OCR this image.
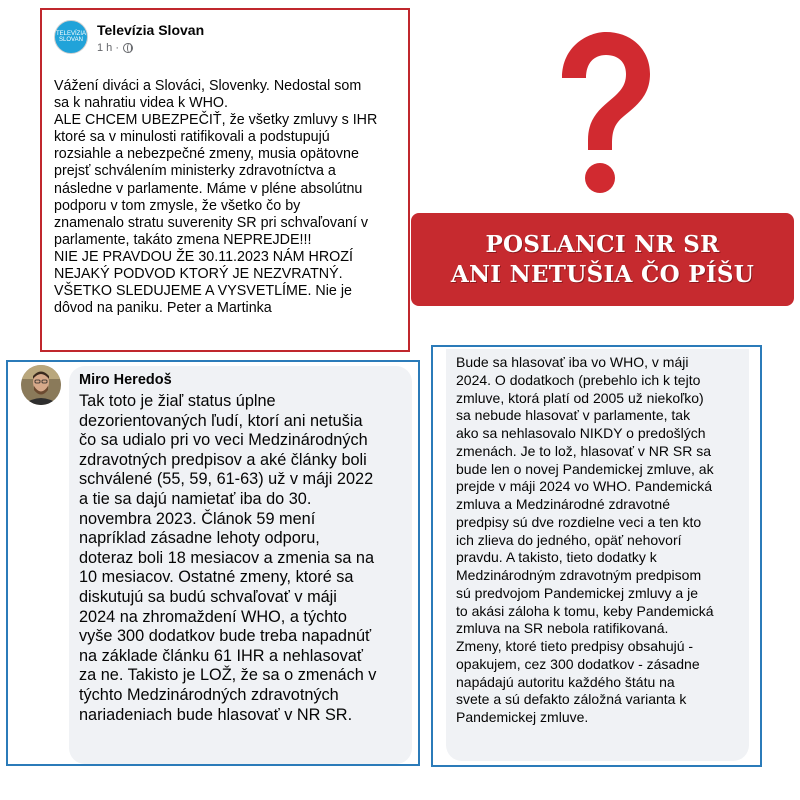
TELEVÍZIA SLOVAN
Televízia Slovan
1 h ·

Vážení diváci a Slováci, Slovenky. Nedostal som

sa k nahratiu videa k WHO.

ALE CHCEM UBEZPEČIŤ, že všetky zmluvy s IHR

ktoré sa v minulosti ratifikovali a podstupujú

rozsiahle a nebezpečné zmeny, musia opätovne

prejsť schválením ministerky zdravotníctva a

následne v parlamente. Máme v pléne absolútnu

podporu v tom zmysle, že všetko čo by

znamenalo stratu suverenity SR pri schvaľovaní v

parlamente, takáto zmena NEPREJDE!!!

NIE JE PRAVDOU ŽE 30.11.2023 NÁM HROZÍ

NEJAKÝ PODVOD KTORÝ JE NEZVRATNÝ.

VŠETKO SLEDUJEME A VYSVETLÍME. Nie je

dôvod na paniku. Peter a Martinka

POSLANCI NR SR
ANI NETUŠIA ČO PÍŠU
Miro Heredoš

Tak toto je žiaľ status úplne

dezorientovaných ľudí, ktorí ani netušia

čo sa udialo pri vo veci Medzinárodných

zdravotných predpisov a aké články boli

schválené (55, 59, 61-63) už v máji 2022

a tie sa dajú namietať iba do 30.

novembra 2023. Článok 59 mení

napríklad zásadne lehoty odporu,

doteraz boli 18 mesiacov a zmenia sa na

10 mesiacov. Ostatné zmeny, ktoré sa

diskutujú sa budú schvaľovať v máji

2024 na zhromaždení WHO, a týchto

vyše 300 dodatkov bude treba napadnúť

na základe článku 61 IHR a nehlasovať

za ne. Takisto je LOŽ, že sa o zmenách v

týchto Medzinárodných zdravotných

nariadeniach bude hlasovať v NR SR.

Bude sa hlasovať iba vo WHO, v máji

2024. O dodatkoch (prebehlo ich k tejto

zmluve, ktorá platí od 2005 už niekoľko)

sa nebude hlasovať v parlamente, tak

ako sa nehlasovalo NIKDY o predošlých

zmenách. Je to lož, hlasovať v NR SR sa

bude len o novej Pandemickej zmluve, ak

prejde v máji 2024 vo WHO. Pandemická

zmluva a Medzinárodné zdravotné

predpisy sú dve rozdielne veci a ten kto

ich zlieva do jedného, opäť nehovorí

pravdu. A takisto, tieto dodatky k

Medzinárodným zdravotným predpisom

sú predvojom Pandemickej zmluvy a je

to akási záloha k tomu, keby Pandemická

zmluva na SR nebola ratifikovaná.

Zmeny, ktoré tieto predpisy obsahujú -

opakujem, cez 300 dodatkov - zásadne

napádajú autoritu každého štátu na

svete a sú defakto záložná varianta k

Pandemickej zmluve.
